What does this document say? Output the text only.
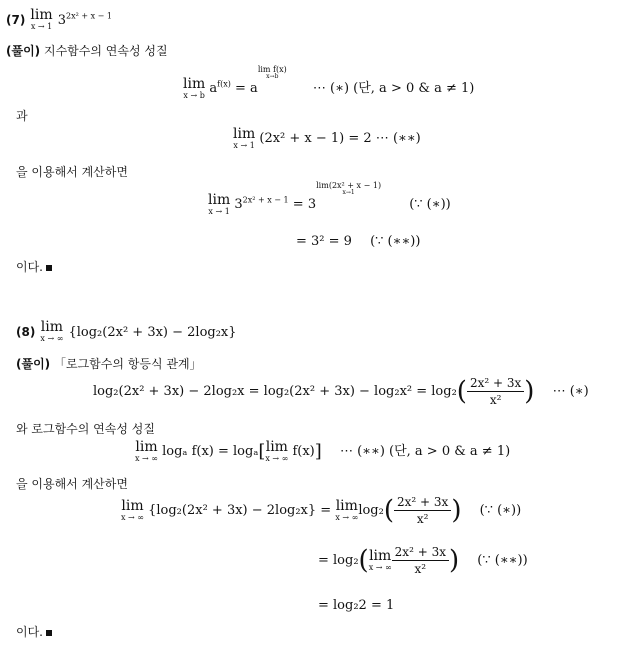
(7) lim
x → 1 $3^{2x^2 + x - 1}$
(풀이) 지수함수의 연속성 성질
lim
x → b $a^{f(x)} = a$
lim f(x)
x→b
⋯ (∗) (단, a > 0 & a ≠ 1)
과
lim
x → 1 (2x² + x − 1) = 2 ⋯ (∗∗)
을 이용해서 계산하면
lim
x → 1 $3^{2x^2 + x - 1} = 3$
lim(2x² + x − 1)
x→1
(∵ (∗))
= 3² = 9 (∵ (∗∗))
이다.
(8) lim
x → ∞ {log₂(2x² + 3x) − 2log₂x}
(풀이) 「로그함수의 항등식 관계」
$\log_2(2x^2 + 3x) - 2\log_2x = \log_2(2x^2 + 3x) - \log_2x^2 = \log_2( \frac{\text{2x² + 3x}}{\text{x²}}$ ) ⋯ (∗)
와 로그함수의 연속성 성질
lim
x → ∞ logₐ f(x) = logₐ[ lim
x → ∞ f(x)] ⋯ (∗∗) (단, a > 0 & a ≠ 1)
을 이용해서 계산하면
lim
x → ∞ {log₂(2x² + 3x) − 2log₂x} = lim
x → ∞ $\log_2( \frac{\text{2x² + 3x}}{\text{x²}}$ ) (∵ (∗))
= log₂( lim
x → ∞ $\frac{\text{2x² + 3x}}{\text{x²}}$ ) (∵ (∗∗))
= log₂2 = 1
이다.
